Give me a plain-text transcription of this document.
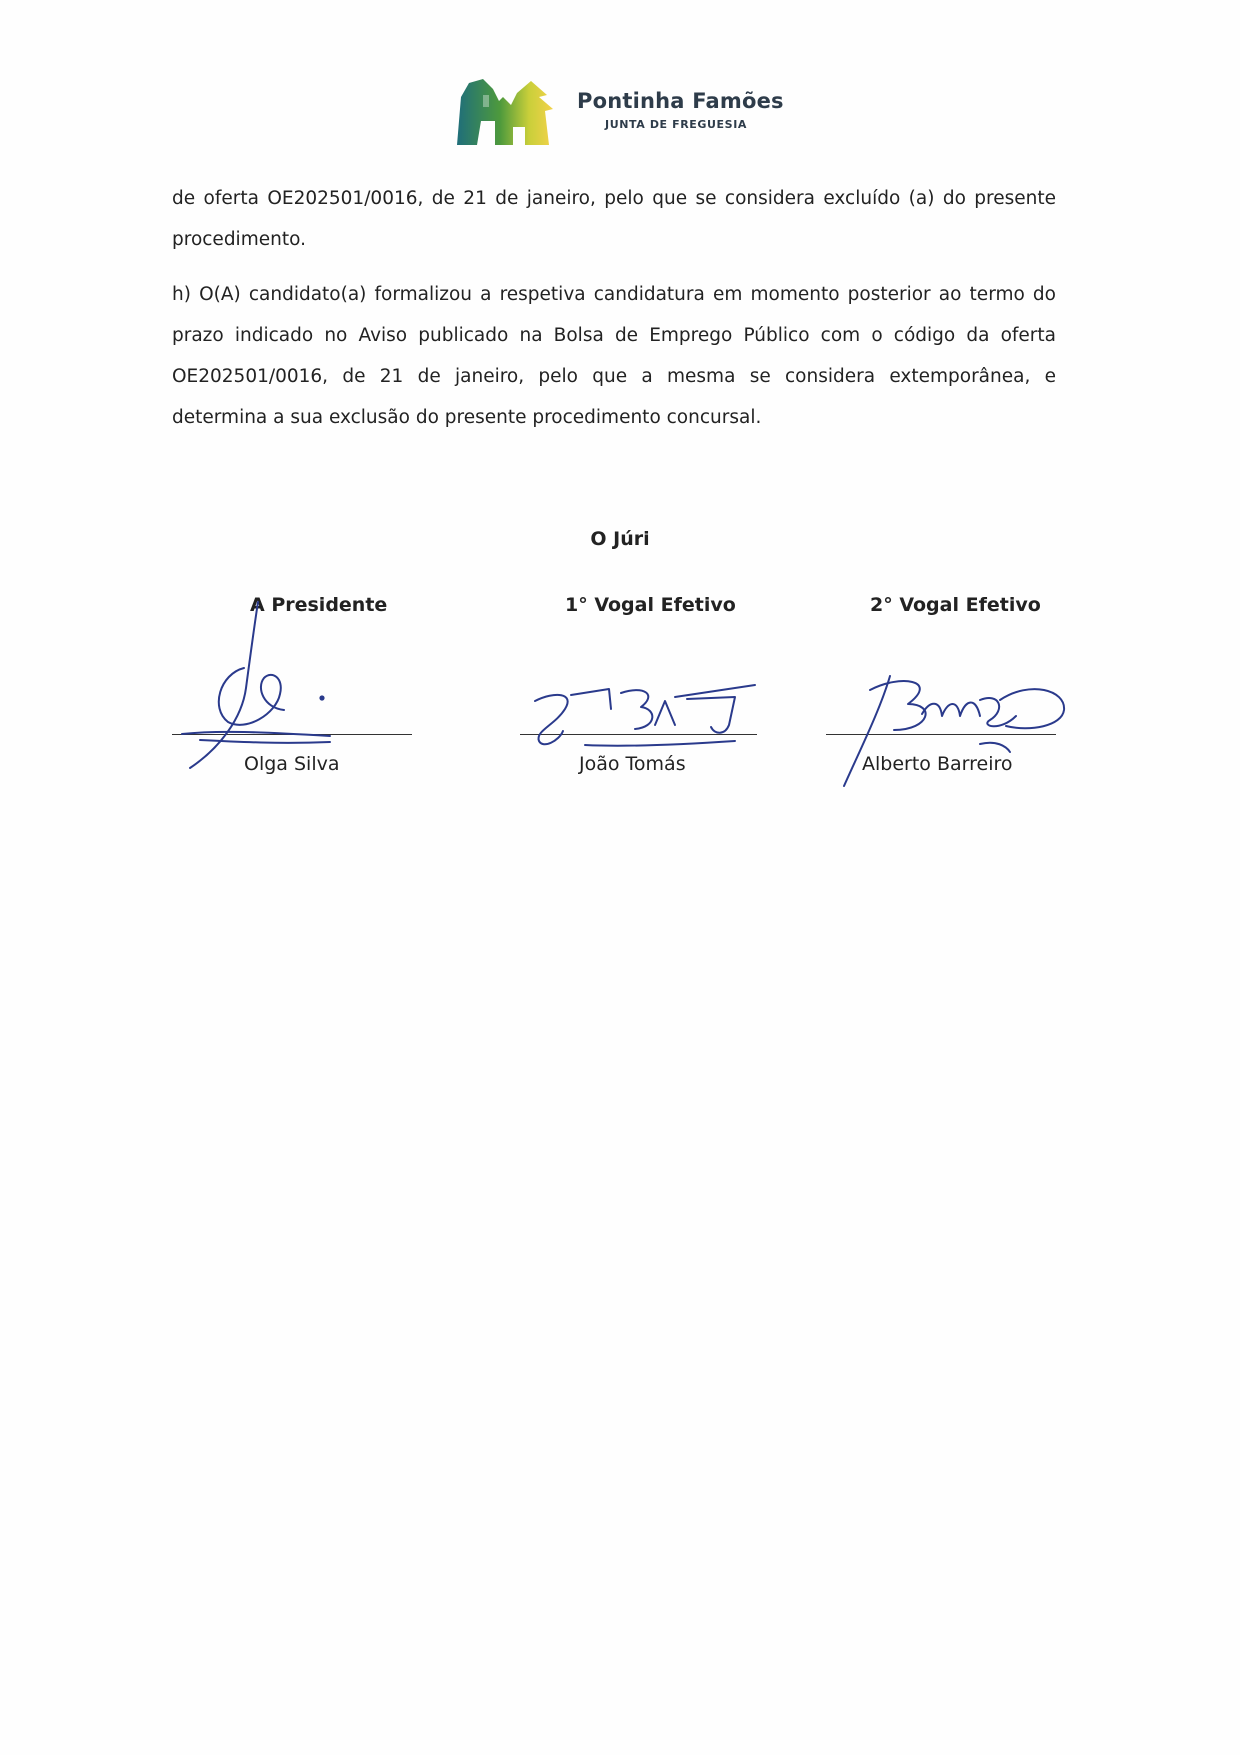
Pontinha Famões
JUNTA DE FREGUESIA

de oferta OE202501/0016, de 21 de janeiro, pelo que se considera excluído (a) do presente procedimento.

h) O(A) candidato(a) formalizou a respetiva candidatura em momento posterior ao termo do prazo indicado no Aviso publicado na Bolsa de Emprego Público com o código da oferta OE202501/0016, de 21 de janeiro, pelo que a mesma se considera extemporânea, e determina a sua exclusão do presente procedimento concursal.

O Júri
A Presidente	1° Vogal Efetivo	2° Vogal Efetivo
Olga Silva	João Tomás	Alberto Barreiro
